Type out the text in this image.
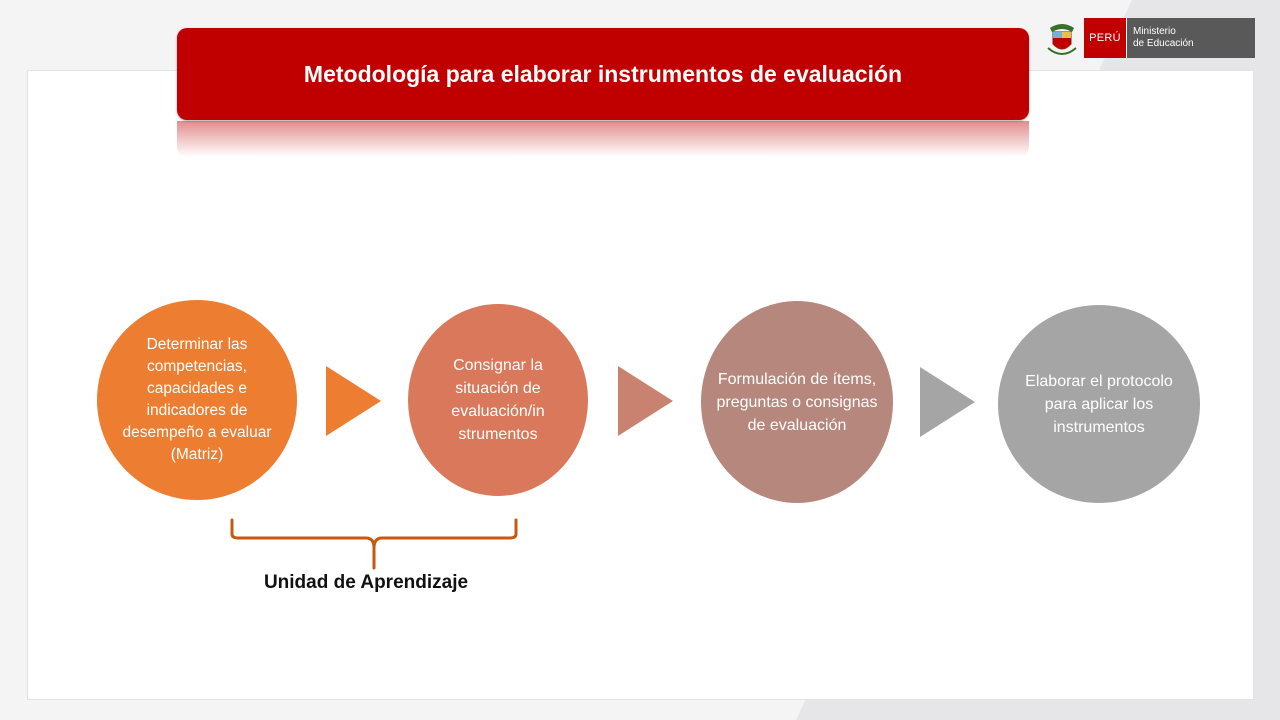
Metodología para elaborar instrumentos de evaluación
PERÚ
Ministerio
de Educación
Determinar las competencias, capacidades e indicadores de desempeño a evaluar (Matriz)
Consignar la situación de evaluación/in strumentos
Formulación de ítems, preguntas o consignas de evaluación
Elaborar el protocolo para aplicar los instrumentos
Unidad de Aprendizaje
